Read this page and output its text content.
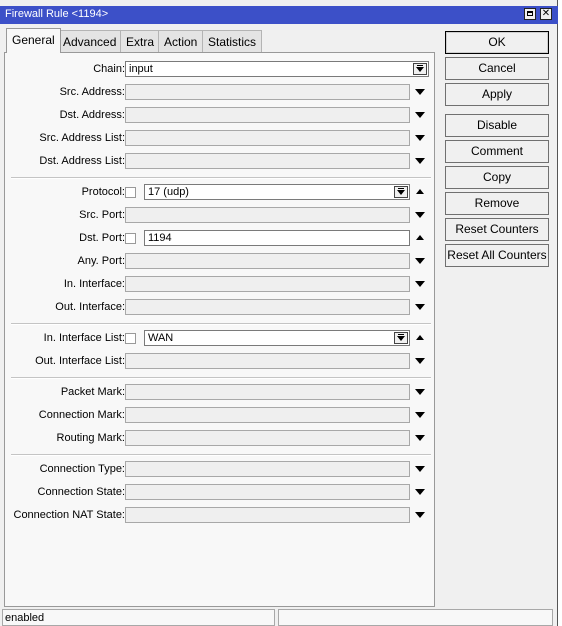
Firewall Rule <1194>	✕
General Advanced Extra Action Statistics
Chain: input
Src. Address:
Dst. Address:
Src. Address List:
Dst. Address List:
Protocol: 17 (udp)
Src. Port:
Dst. Port: 1194
Any. Port:
In. Interface:
Out. Interface:
In. Interface List: WAN
Out. Interface List:
Packet Mark:
Connection Mark:
Routing Mark:
Connection Type:
Connection State:
Connection NAT State:
OK
Cancel
Apply
Disable
Comment
Copy
Remove
Reset Counters
Reset All Counters
enabled
